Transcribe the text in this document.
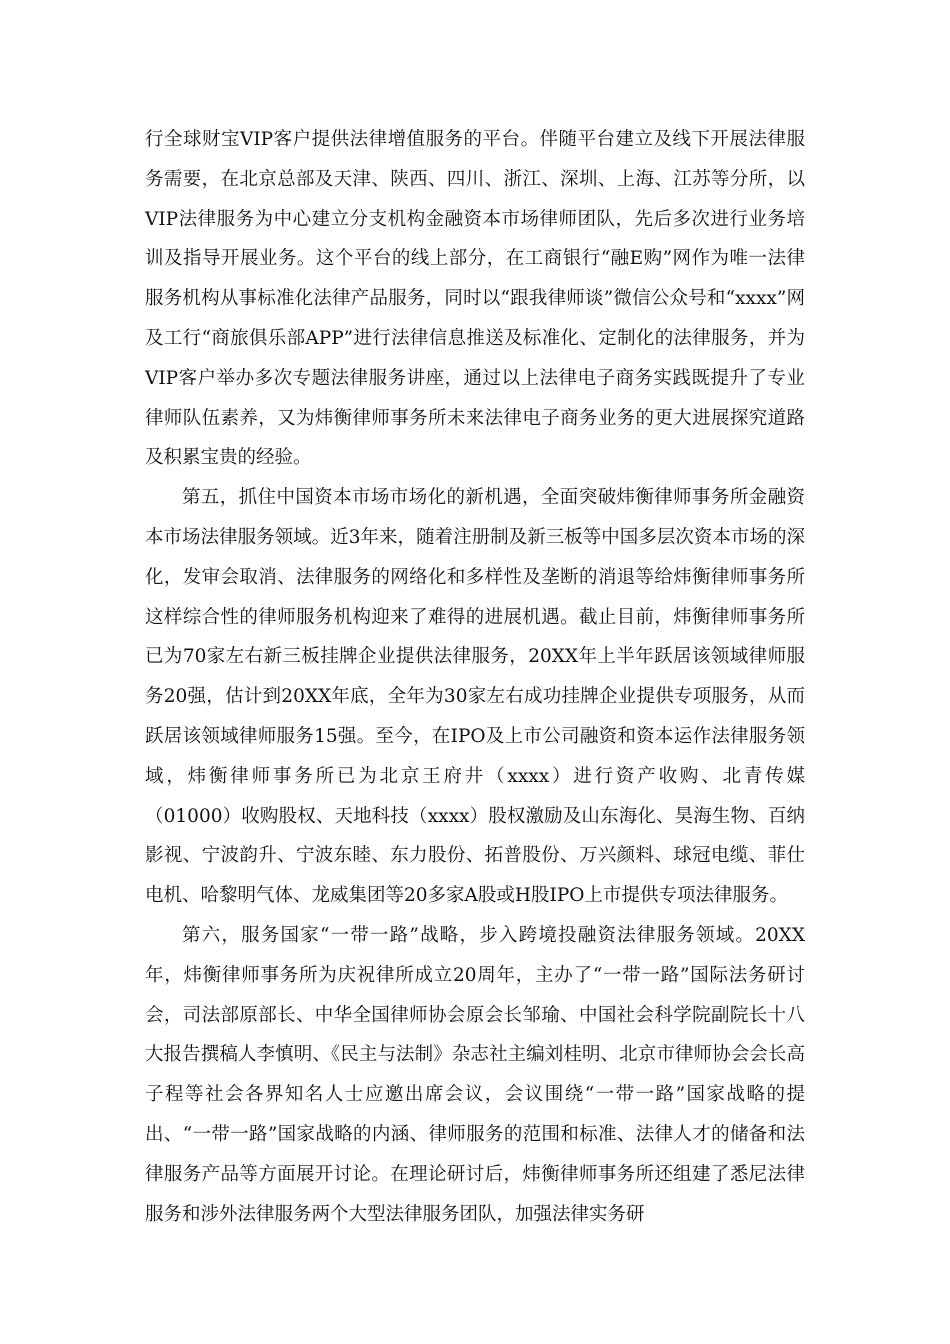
行全球财宝VIP客户提供法律增值服务的平台。伴随平台建立及线下开展法律服务需要，在北京总部及天津、陕西、四川、浙江、深圳、上海、江苏等分所，以VIP法律服务为中心建立分支机构金融资本市场律师团队，先后多次进行业务培训及指导开展业务。这个平台的线上部分，在工商银行“融E购”网作为唯一法律服务机构从事标准化法律产品服务，同时以“跟我律师谈”微信公众号和“xxxx”网及工行“商旅俱乐部APP”进行法律信息推送及标准化、定制化的法律服务，并为VIP客户举办多次专题法律服务讲座，通过以上法律电子商务实践既提升了专业律师队伍素养，又为炜衡律师事务所未来法律电子商务业务的更大进展探究道路及积累宝贵的经验。

第五，抓住中国资本市场市场化的新机遇，全面突破炜衡律师事务所金融资本市场法律服务领域。近3年来，随着注册制及新三板等中国多层次资本市场的深化，发审会取消、法律服务的网络化和多样性及垄断的消退等给炜衡律师事务所这样综合性的律师服务机构迎来了难得的进展机遇。截止目前，炜衡律师事务所已为70家左右新三板挂牌企业提供法律服务，20XX年上半年跃居该领域律师服务20强，估计到20XX年底，全年为30家左右成功挂牌企业提供专项服务，从而跃居该领域律师服务15强。至今，在IPO及上市公司融资和资本运作法律服务领域，炜衡律师事务所已为北京王府井（xxxx）进行资产收购、北青传媒（01000）收购股权、天地科技（xxxx）股权激励及山东海化、昊海生物、百纳影视、宁波韵升、宁波东睦、东力股份、拓普股份、万兴颜料、球冠电缆、菲仕电机、哈黎明气体、龙威集团等20多家A股或H股IPO上市提供专项法律服务。

第六，服务国家“一带一路”战略，步入跨境投融资法律服务领域。20XX年，炜衡律师事务所为庆祝律所成立20周年，主办了“一带一路”国际法务研讨会，司法部原部长、中华全国律师协会原会长邹瑜、中国社会科学院副院长十八大报告撰稿人李慎明、《民主与法制》杂志社主编刘桂明、北京市律师协会会长高子程等社会各界知名人士应邀出席会议，会议围绕“一带一路”国家战略的提出、“一带一路”国家战略的内涵、律师服务的范围和标准、法律人才的储备和法律服务产品等方面展开讨论。在理论研讨后，炜衡律师事务所还组建了悉尼法律服务和涉外法律服务两个大型法律服务团队，加强法律实务研
